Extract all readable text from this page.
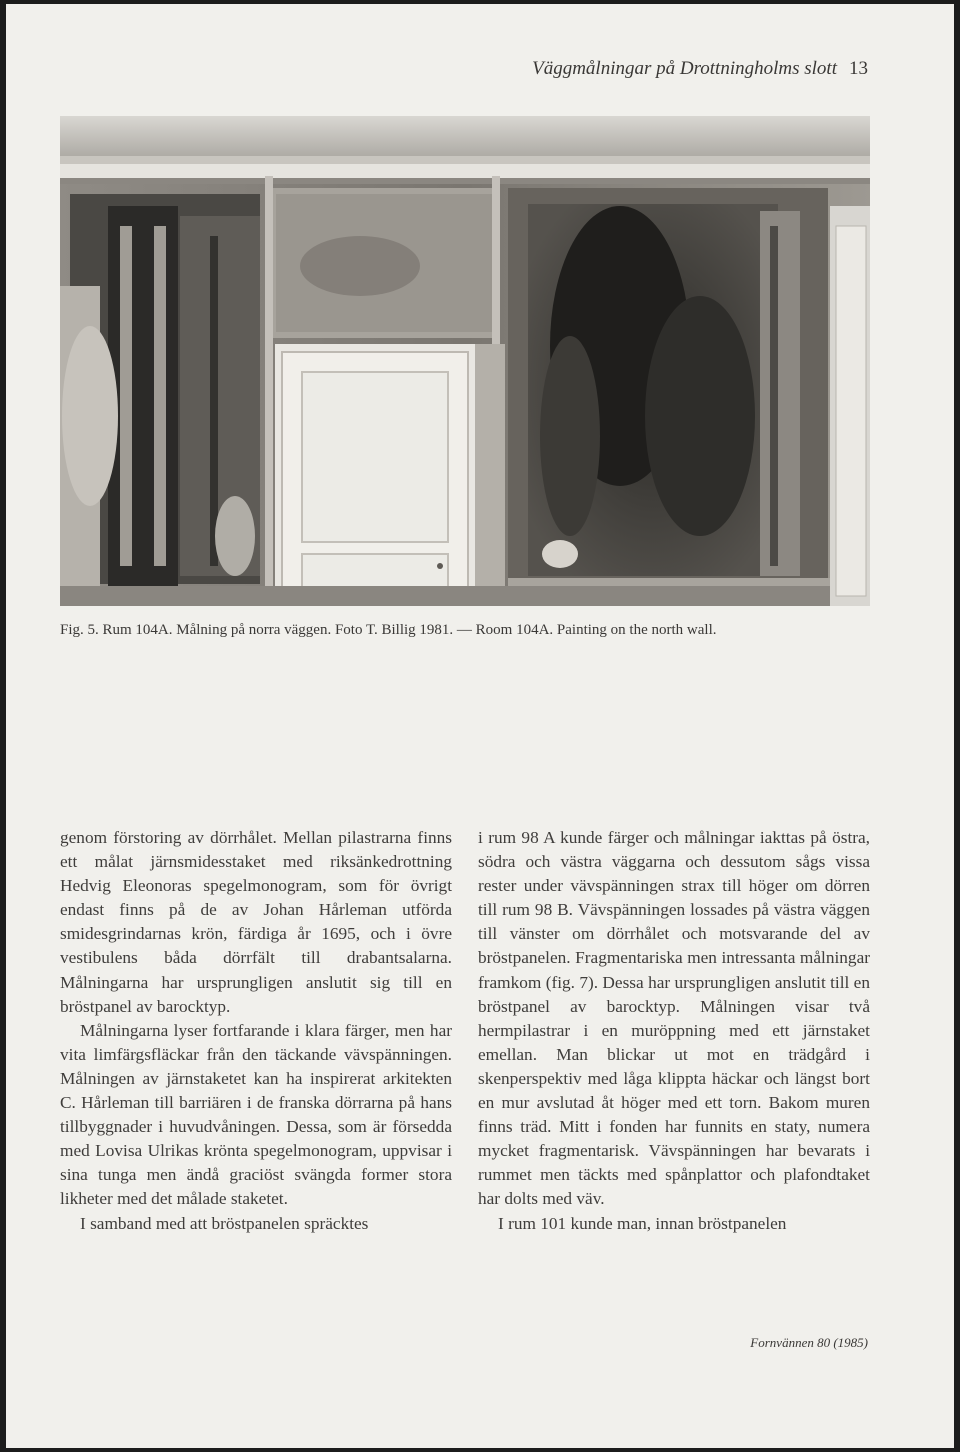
Väggmålningar på Drottningholms slott 13
Fig. 5. Rum 104A. Målning på norra väggen. Foto T. Billig 1981. — Room 104A. Painting on the north wall.

genom förstoring av dörrhålet. Mellan pilastrarna finns ett målat järnsmidesstaket med riksänkedrottning Hedvig Eleonoras spegelmonogram, som för övrigt endast finns på de av Johan Hårleman utförda smidesgrindarnas krön, färdiga år 1695, och i övre vestibulens båda dörrfält till drabantsalarna. Målningarna har ursprungligen anslutit sig till en bröstpanel av barocktyp.

Målningarna lyser fortfarande i klara färger, men har vita limfärgsfläckar från den täckande vävspänningen. Målningen av järnstaketet kan ha inspirerat arkitekten C. Hårleman till barriären i de franska dörrarna på hans tillbyggnader i huvudvåningen. Dessa, som är försedda med Lovisa Ulrikas krönta spegelmonogram, uppvisar i sina tunga men ändå graciöst svängda former stora likheter med det målade staketet.

I samband med att bröstpanelen spräcktes

i rum 98 A kunde färger och målningar iakttas på östra, södra och västra väggarna och dessutom sågs vissa rester under vävspänningen strax till höger om dörren till rum 98 B. Vävspänningen lossades på västra väggen till vänster om dörrhålet och motsvarande del av bröstpanelen. Fragmentariska men intressanta målningar framkom (fig. 7). Dessa har ursprungligen anslutit till en bröstpanel av barocktyp. Målningen visar två hermpilastrar i en muröppning med ett järnstaket emellan. Man blickar ut mot en trädgård i skenperspektiv med låga klippta häckar och längst bort en mur avslutad åt höger med ett torn. Bakom muren finns träd. Mitt i fonden har funnits en staty, numera mycket fragmentarisk. Vävspänningen har bevarats i rummet men täckts med spånplattor och plafondtaket har dolts med väv.

I rum 101 kunde man, innan bröstpanelen

Fornvännen 80 (1985)
